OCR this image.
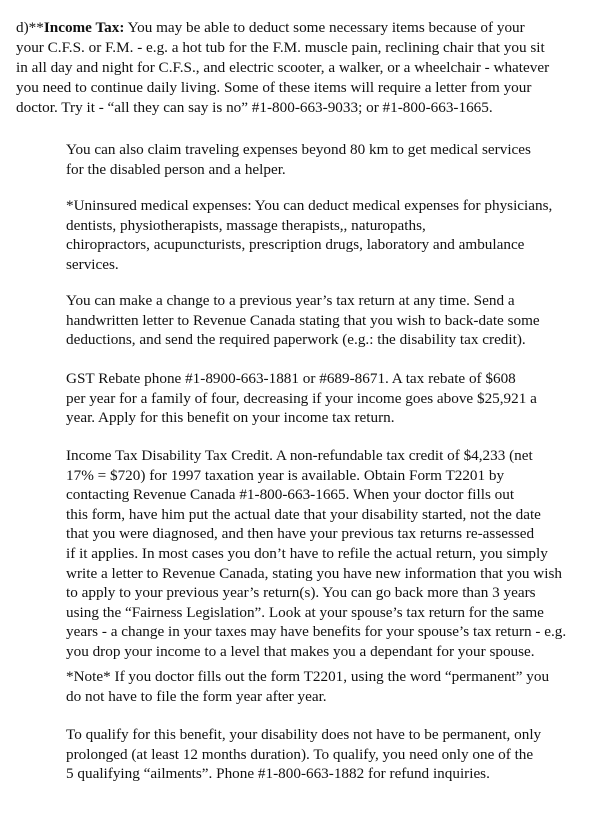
d)**Income Tax: You may be able to deduct some necessary items because of your
your C.F.S. or F.M. - e.g. a hot tub for the F.M. muscle pain, reclining chair that you sit
in all day and night for C.F.S., and electric scooter, a walker, or a wheelchair - whatever
you need to continue daily living. Some of these items will require a letter from your
doctor. Try it - “all they can say is no” #1-800-663-9033; or #1-800-663-1665.
You can also claim traveling expenses beyond 80 km to get medical services
for the disabled person and a helper.
*Uninsured medical expenses: You can deduct medical expenses for physicians,
dentists, physiotherapists, massage therapists,, naturopaths,
chiropractors, acupuncturists, prescription drugs, laboratory and ambulance
services.
You can make a change to a previous year’s tax return at any time. Send a
handwritten letter to Revenue Canada stating that you wish to back-date some
deductions, and send the required paperwork (e.g.: the disability tax credit).
GST Rebate phone #1-8900-663-1881 or #689-8671. A tax rebate of $608
per year for a family of four, decreasing if your income goes above $25,921 a
year. Apply for this benefit on your income tax return.
Income Tax Disability Tax Credit. A non-refundable tax credit of $4,233 (net
17% = $720) for 1997 taxation year is available. Obtain Form T2201 by
contacting Revenue Canada #1-800-663-1665. When your doctor fills out
this form, have him put the actual date that your disability started, not the date
that you were diagnosed, and then have your previous tax returns re-assessed
if it applies. In most cases you don’t have to refile the actual return, you simply
write a letter to Revenue Canada, stating you have new information that you wish
to apply to your previous year’s return(s). You can go back more than 3 years
using the “Fairness Legislation”. Look at your spouse’s tax return for the same
years - a change in your taxes may have benefits for your spouse’s tax return - e.g.
you drop your income to a level that makes you a dependant for your spouse.
*Note* If you doctor fills out the form T2201, using the word “permanent” you
do not have to file the form year after year.
To qualify for this benefit, your disability does not have to be permanent, only
prolonged (at least 12 months duration). To qualify, you need only one of the
5 qualifying “ailments”. Phone #1-800-663-1882 for refund inquiries.
